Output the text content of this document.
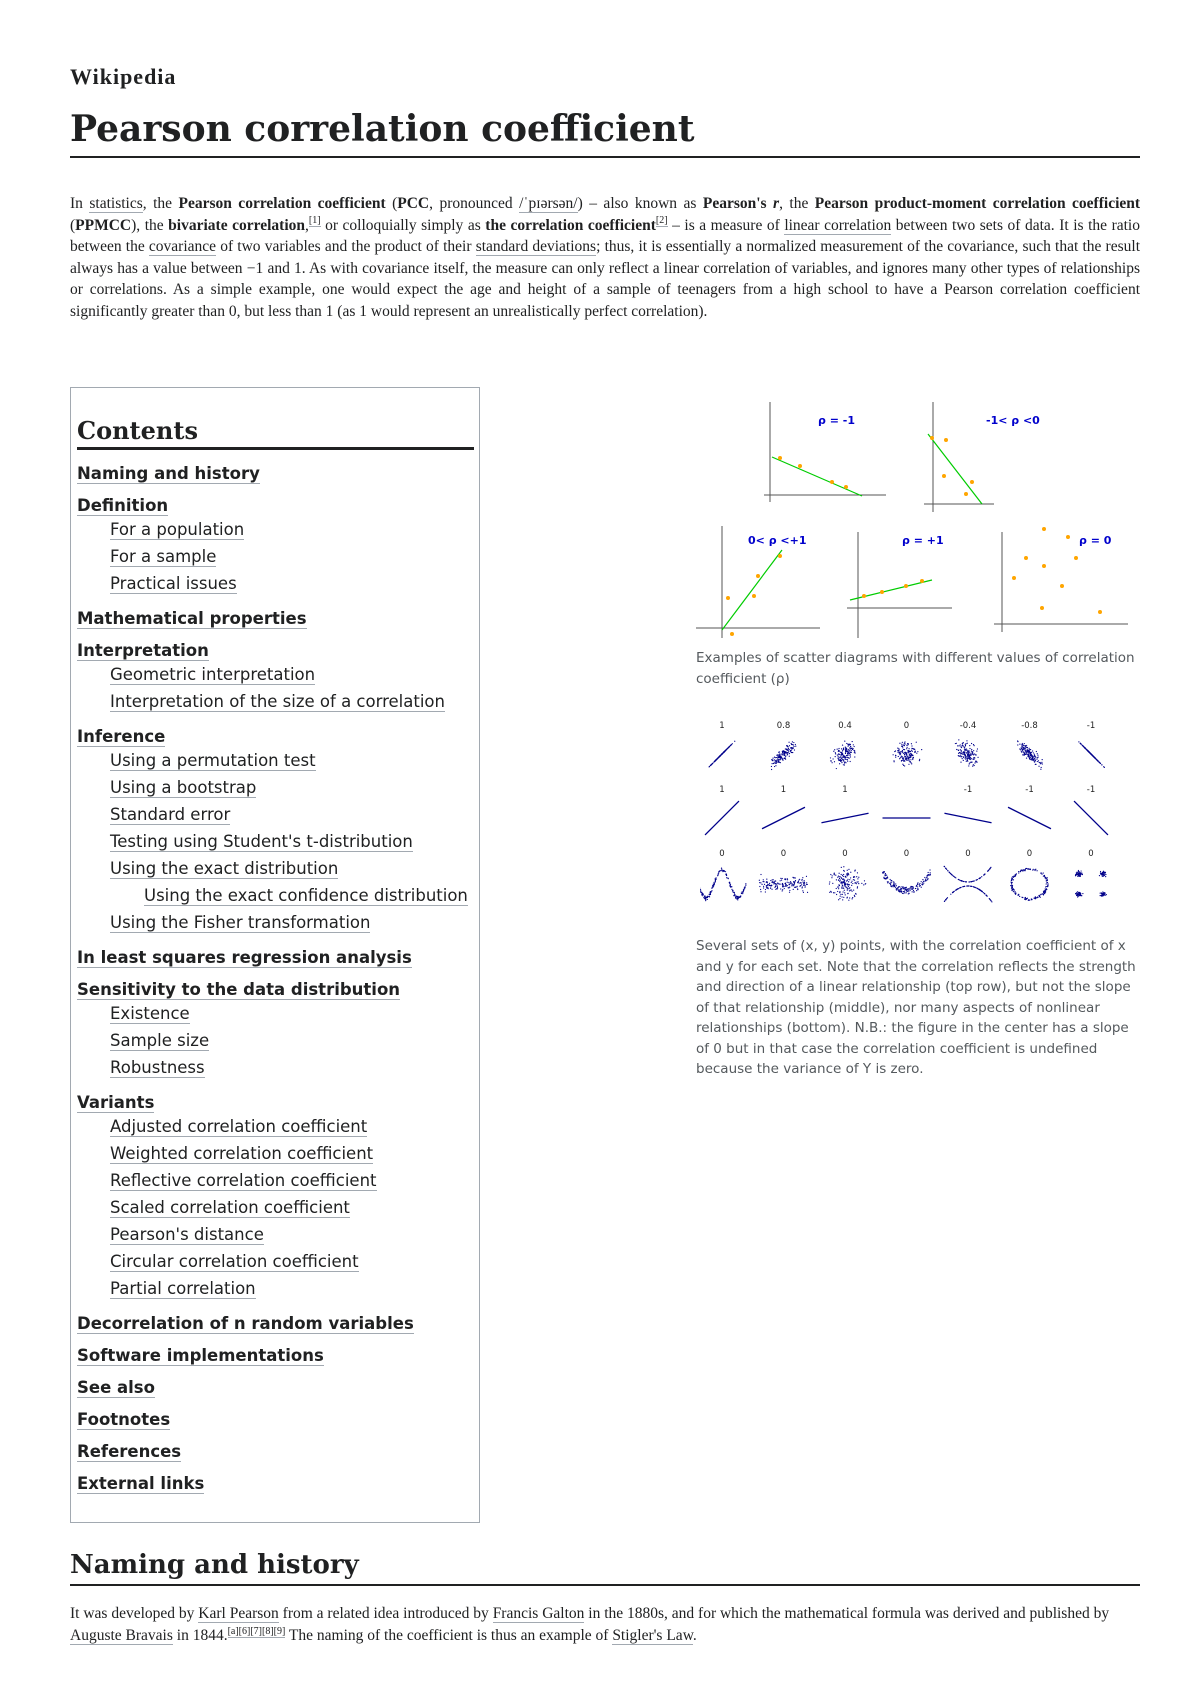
Wikipedia
Pearson correlation coefficient

In statistics, the Pearson correlation coefficient (PCC, pronounced /ˈpɪərsən/) – also known as Pearson's r, the Pearson product-moment correlation coefficient (PPMCC), the bivariate correlation,[1] or colloquially simply as the correlation coefficient[2] – is a measure of linear correlation between two sets of data. It is the ratio between the covariance of two variables and the product of their standard deviations; thus, it is essentially a normalized measurement of the covariance, such that the result always has a value between −1 and 1. As with covariance itself, the measure can only reflect a linear correlation of variables, and ignores many other types of relationships or correlations. As a simple example, one would expect the age and height of a sample of teenagers from a high school to have a Pearson correlation coefficient significantly greater than 0, but less than 1 (as 1 would represent an unrealistically perfect correlation).

Contents
Naming and history
Definition
For a population
For a sample
Practical issues
Mathematical properties
Interpretation
Geometric interpretation
Interpretation of the size of a correlation
Inference
Using a permutation test
Using a bootstrap
Standard error
Testing using Student's t-distribution
Using the exact distribution
Using the exact confidence distribution
Using the Fisher transformation
In least squares regression analysis
Sensitivity to the data distribution
Existence
Sample size
Robustness
Variants
Adjusted correlation coefficient
Weighted correlation coefficient
Reflective correlation coefficient
Scaled correlation coefficient
Pearson's distance
Circular correlation coefficient
Partial correlation
Decorrelation of n random variables
Software implementations
See also
Footnotes
References
External links
ρ = -1	-1< ρ <0
0< ρ <+1	ρ = +1	ρ = 0

Examples of scatter diagrams with different values of correlation coefficient (ρ)

1	0.8	0.4	0	-0.4	-0.8	-1
1	1	1	-1	-1	-1
0	0	0	0	0	0	0

Several sets of (x, y) points, with the correlation coefficient of x and y for each set. Note that the correlation reflects the strength and direction of a linear relationship (top row), but not the slope of that relationship (middle), nor many aspects of nonlinear relationships (bottom). N.B.: the figure in the center has a slope of 0 but in that case the correlation coefficient is undefined because the variance of Y is zero.

Naming and history

It was developed by Karl Pearson from a related idea introduced by Francis Galton in the 1880s, and for which the mathematical formula was derived and published by Auguste Bravais in 1844.[a][6][7][8][9] The naming of the coefficient is thus an example of Stigler's Law.
